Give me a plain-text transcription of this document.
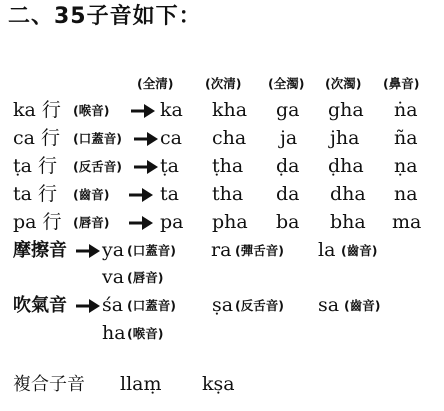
二、35子音如下：
(全清)	(次清) (全濁) (次濁) (鼻音)
ka 行 (喉音)	ka kha ga gha ṅa
ca 行 (口蓋音) ca cha ja jha ña
ṭa 行 (反舌音) ṭa ṭha ḍa ḍha ṇa
ta 行 (齒音)	ta tha da dha na
pa 行 (唇音)	pa pha ba bha ma
摩擦音 ya (口蓋音) ra (彈舌音) la (齒音)
va (唇音)
吹氣音 śa (口蓋音) ṣa (反舌音) sa (齒音)
ha (喉音)
複合子音 llaṃ kṣa
